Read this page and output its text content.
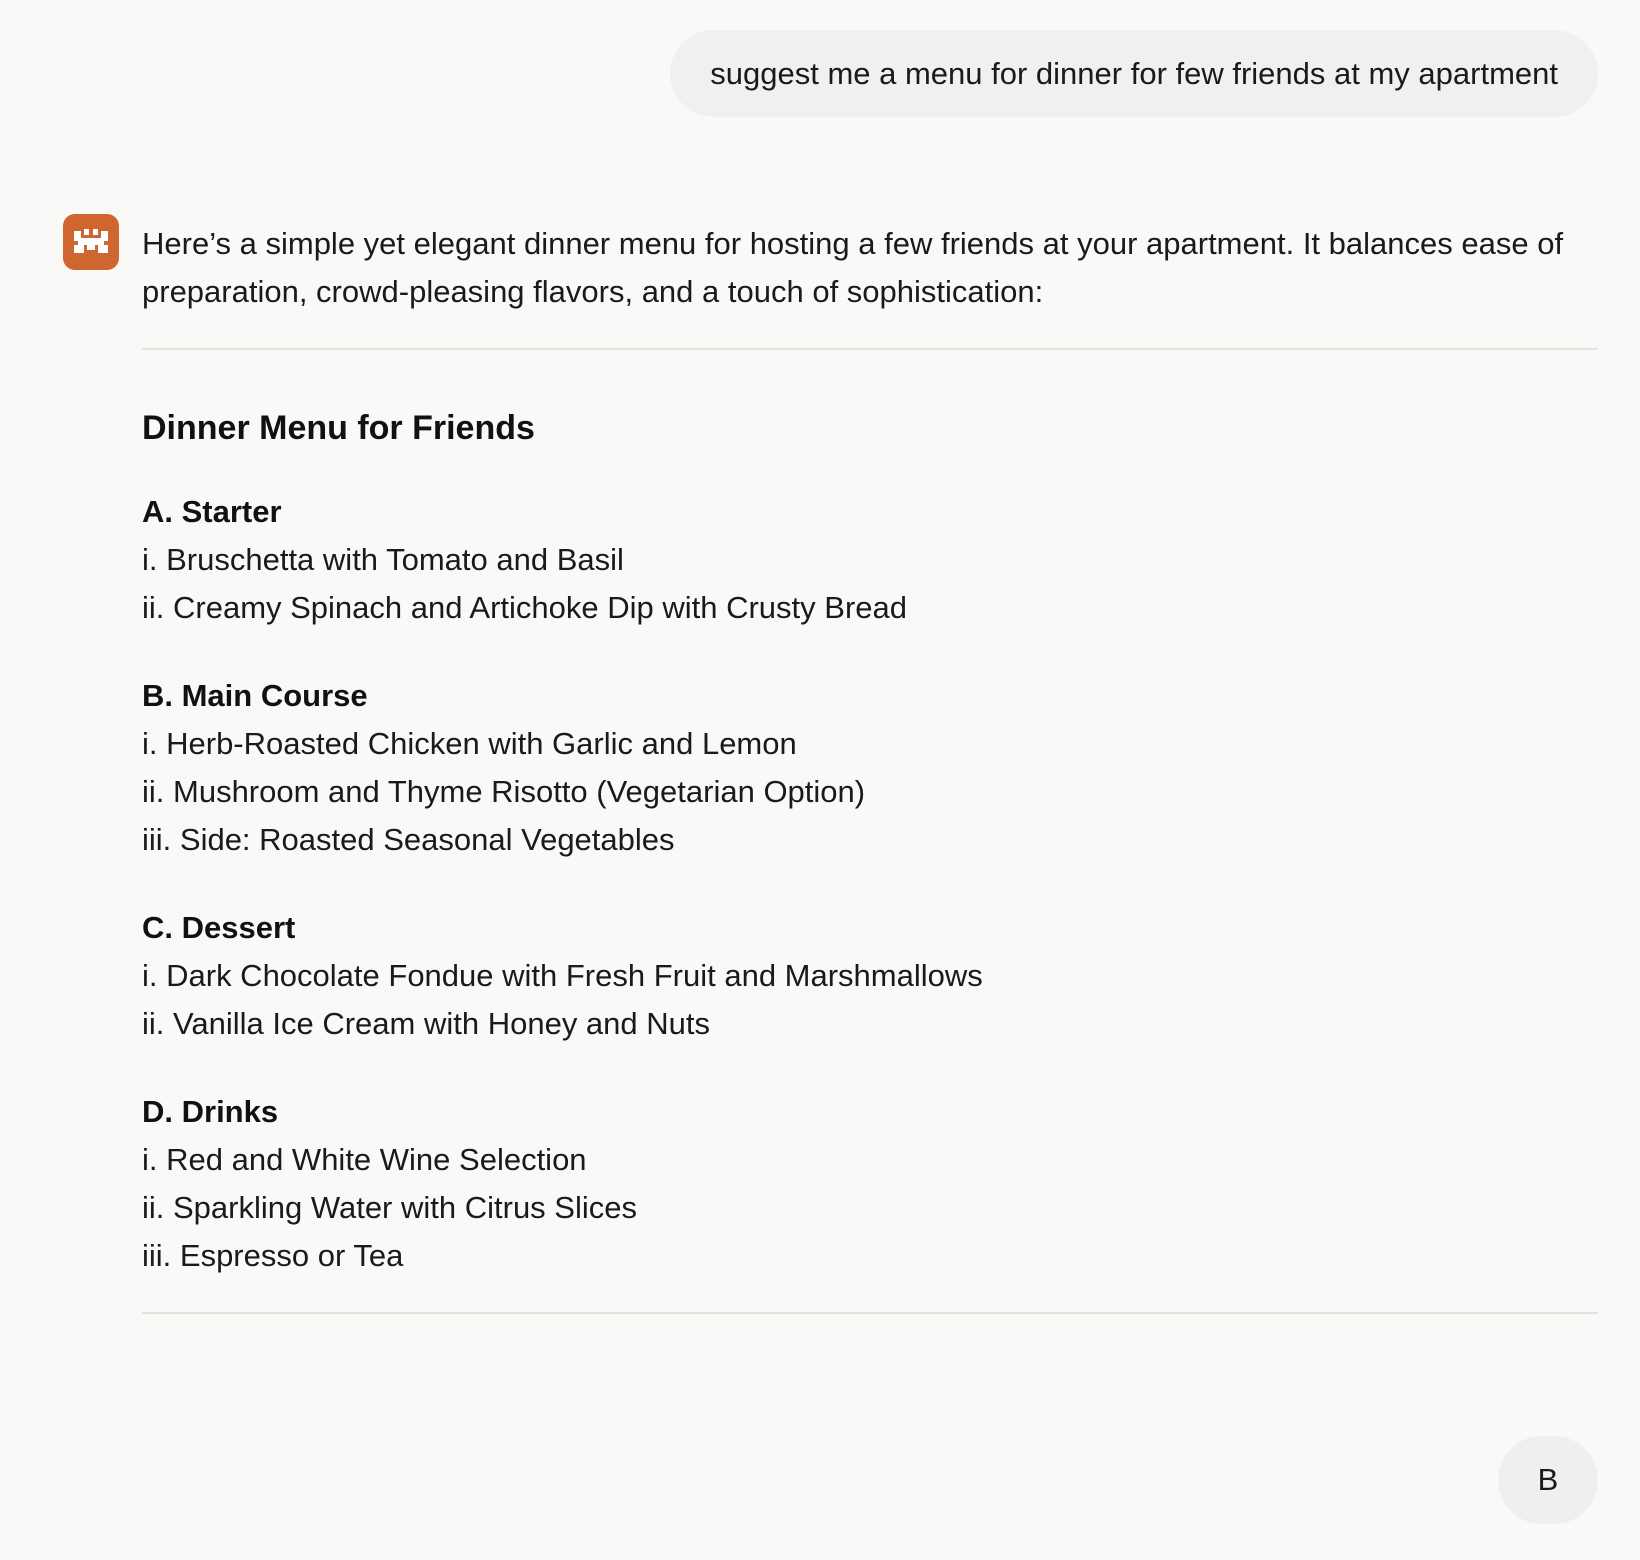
suggest me a menu for dinner for few friends at my apartment

Here’s a simple yet elegant dinner menu for hosting a few friends at your apartment. It balances ease of preparation, crowd-pleasing flavors, and a touch of sophistication:

Dinner Menu for Friends

A. Starter

i. Bruschetta with Tomato and Basil

ii. Creamy Spinach and Artichoke Dip with Crusty Bread

B. Main Course

i. Herb-Roasted Chicken with Garlic and Lemon

ii. Mushroom and Thyme Risotto (Vegetarian Option)

iii. Side: Roasted Seasonal Vegetables

C. Dessert

i. Dark Chocolate Fondue with Fresh Fruit and Marshmallows

ii. Vanilla Ice Cream with Honey and Nuts

D. Drinks

i. Red and White Wine Selection

ii. Sparkling Water with Citrus Slices

iii. Espresso or Tea

B
